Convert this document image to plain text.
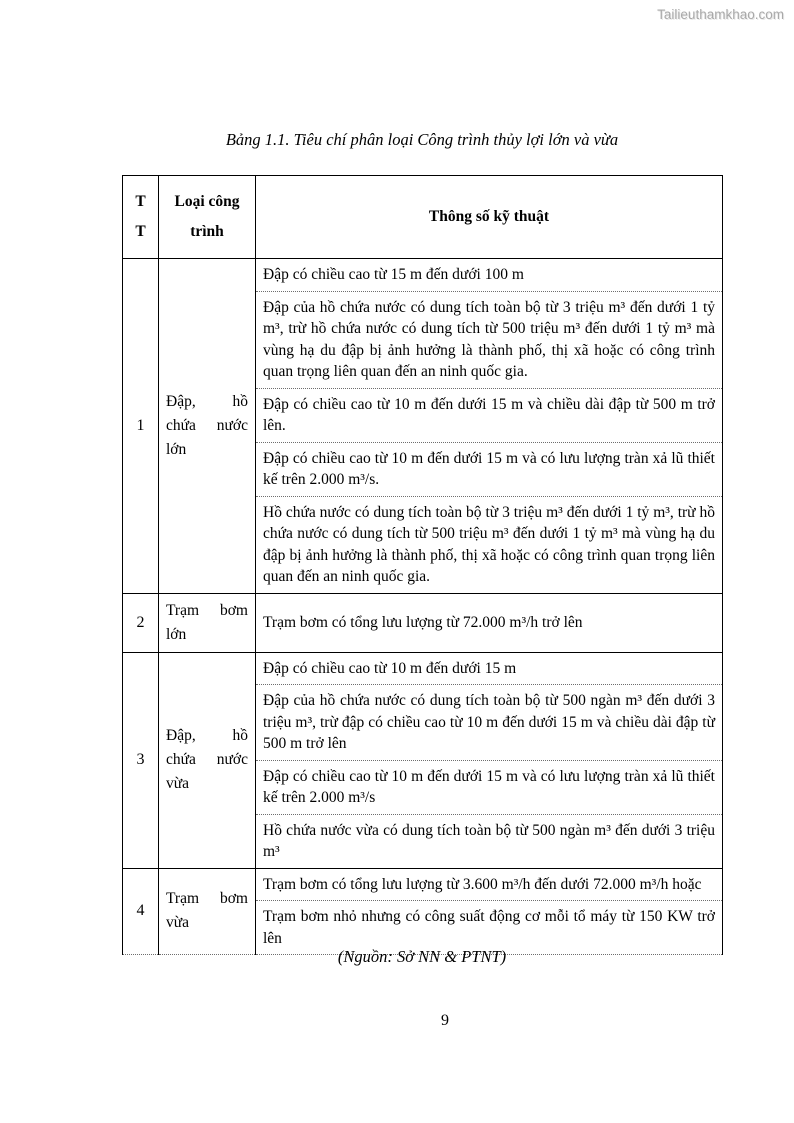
Tailieuthamkhao.com
Bảng 1.1. Tiêu chí phân loại Công trình thủy lợi lớn và vừa
T T	Loại công trình	Thông số kỹ thuật
1	Đập, hồ chứa nước lớn	Đập có chiều cao từ 15 m đến dưới 100 m
		Đập của hồ chứa nước có dung tích toàn bộ từ 3 triệu m³ đến dưới 1 tỷ m³, trừ hồ chứa nước có dung tích từ 500 triệu m³ đến dưới 1 tỷ m³ mà vùng hạ du đập bị ảnh hưởng là thành phố, thị xã hoặc có công trình quan trọng liên quan đến an ninh quốc gia.
		Đập có chiều cao từ 10 m đến dưới 15 m và chiều dài đập từ 500 m trở lên.
		Đập có chiều cao từ 10 m đến dưới 15 m và có lưu lượng tràn xả lũ thiết kế trên 2.000 m³/s.
		Hồ chứa nước có dung tích toàn bộ từ 3 triệu m³ đến dưới 1 tỷ m³, trừ hồ chứa nước có dung tích từ 500 triệu m³ đến dưới 1 tỷ m³ mà vùng hạ du đập bị ảnh hưởng là thành phố, thị xã hoặc có công trình quan trọng liên quan đến an ninh quốc gia.
2	Trạm bơm lớn	Trạm bơm có tổng lưu lượng từ 72.000 m³/h trở lên
3	Đập, hồ chứa nước vừa	Đập có chiều cao từ 10 m đến dưới 15 m
		Đập của hồ chứa nước có dung tích toàn bộ từ 500 ngàn m³ đến dưới 3 triệu m³, trừ đập có chiều cao từ 10 m đến dưới 15 m và chiều dài đập từ 500 m trở lên
		Đập có chiều cao từ 10 m đến dưới 15 m và có lưu lượng tràn xả lũ thiết kế trên 2.000 m³/s
		Hồ chứa nước vừa có dung tích toàn bộ từ 500 ngàn m³ đến dưới 3 triệu m³
4	Trạm bơm vừa	Trạm bơm có tổng lưu lượng từ 3.600 m³/h đến dưới 72.000 m³/h hoặc
		Trạm bơm nhỏ nhưng có công suất động cơ mỗi tổ máy từ 150 KW trở lên
(Nguồn: Sở NN & PTNT)
9
